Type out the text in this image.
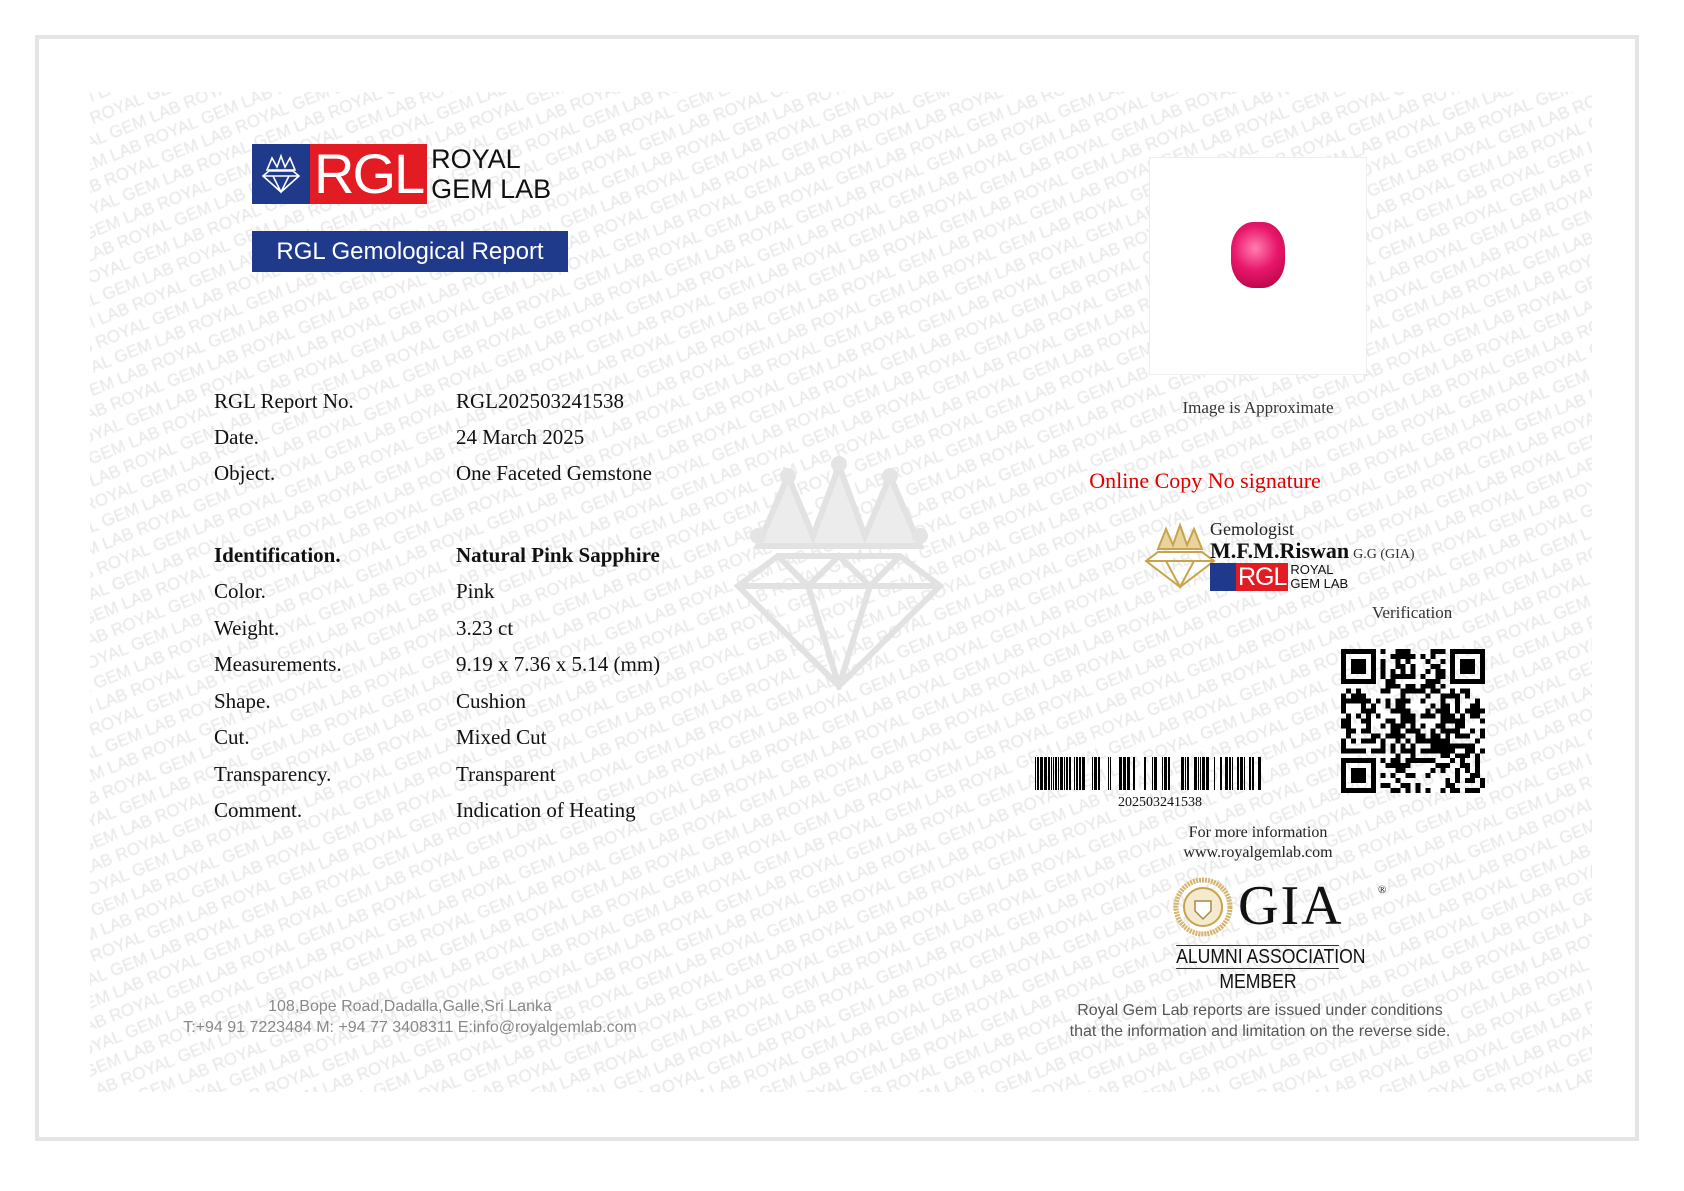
RGL ROYAL
GEM LAB
RGL Gemological Report
RGL Report No.	RGL202503241538
Date.	24 March 2025
Object.	One Faceted Gemstone
Identification.	Natural Pink Sapphire
Color.	Pink
Weight.	3.23 ct
Measurements.	9.19 x 7.36 x 5.14 (mm)
Shape.	Cushion
Cut.	Mixed Cut
Transparency.	Transparent
Comment.	Indication of Heating
Image is Approximate
Online Copy No signature
Gemologist
M.F.M.Riswan G.G (GIA)
RGL ROYAL
GEM LAB
Verification
202503241538
For more information
www.royalgemlab.com
GIA	®
ALUMNI ASSOCIATION
MEMBER
Royal Gem Lab reports are issued under conditions
that the information and limitation on the reverse side.
108,Bope Road,Dadalla,Galle,Sri Lanka
T:+94 91 7223484 M: +94 77 3408311 E:info@royalgemlab.com
